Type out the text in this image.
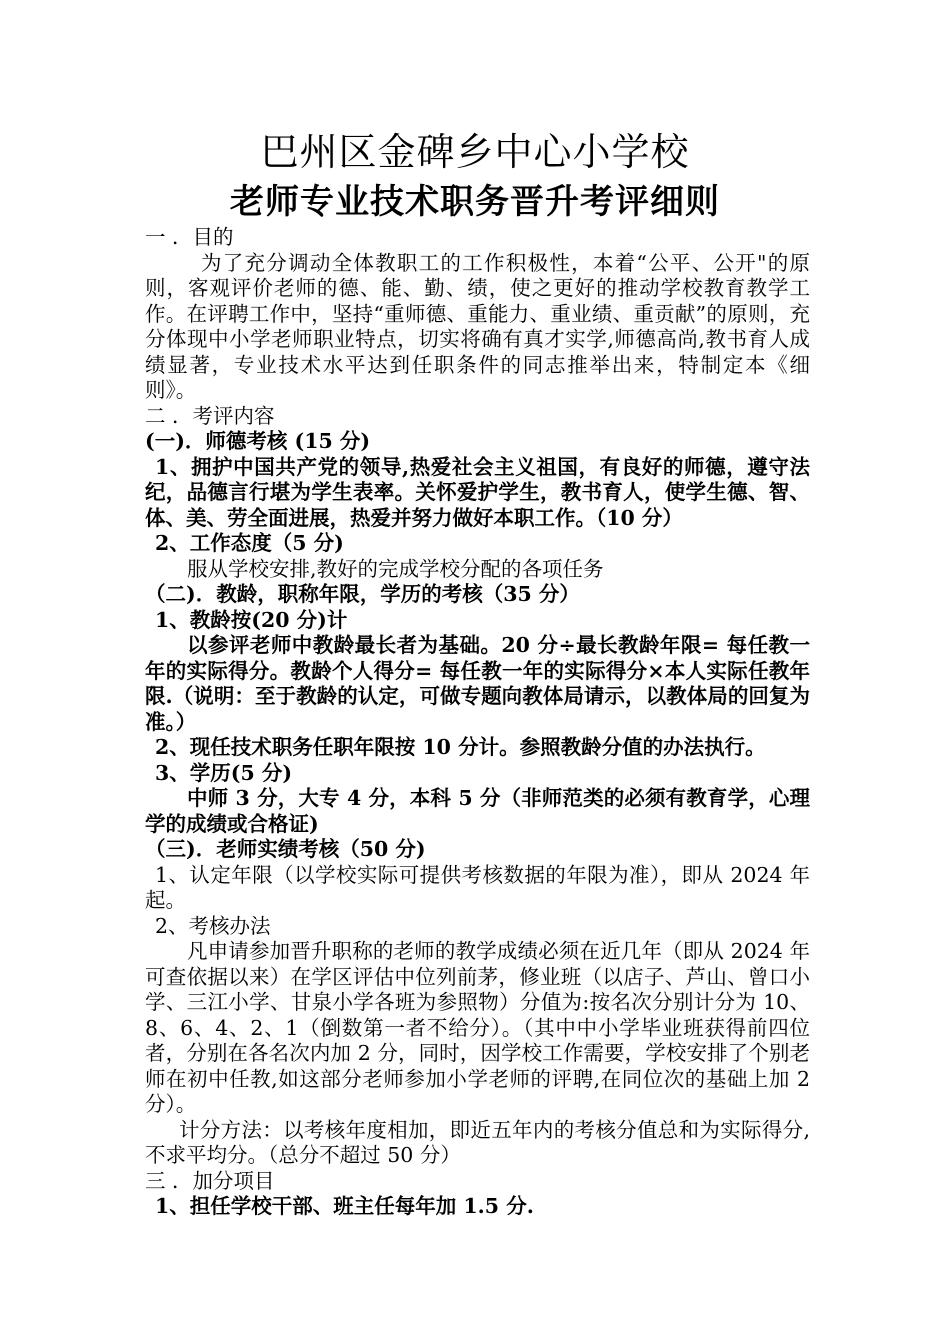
巴州区金碑乡中心小学校
老师专业技术职务晋升考评细则

一 ．目的

为了充分调动全体教职工的工作积极性，本着“公平、公开"的原则，客观评价老师的德、能、勤、绩，使之更好的推动学校教育教学工作。在评聘工作中，坚持“重师德、重能力、重业绩、重贡献”的原则，充分体现中小学老师职业特点，切实将确有真才实学,师德高尚,教书育人成绩显著，专业技术水平达到任职条件的同志推举出来，特制定本《细则》。

二 ．考评内容

(一)．师德考核 (15 分)

1、拥护中国共产党的领导,热爱社会主义祖国，有良好的师德，遵守法纪，品德言行堪为学生表率。关怀爱护学生，教书育人，使学生德、智、体、美、劳全面进展，热爱并努力做好本职工作。（10 分）

2、工作态度（5 分)

服从学校安排,教好的完成学校分配的各项任务

（二)．教龄，职称年限，学历的考核（35 分）

1、教龄按(20 分)计

以参评老师中教龄最长者为基础。20 分÷最长教龄年限= 每任教一年的实际得分。教龄个人得分= 每任教一年的实际得分×本人实际任教年限.（说明：至于教龄的认定，可做专题向教体局请示，以教体局的回复为准。）

2、现任技术职务任职年限按 10 分计。参照教龄分值的办法执行。

3、学历(5 分)

中师 3 分，大专 4 分，本科 5 分（非师范类的必须有教育学，心理学的成绩或合格证)

（三)．老师实绩考核（50 分)

1、认定年限（以学校实际可提供考核数据的年限为准），即从 2024 年起。

2、考核办法

凡申请参加晋升职称的老师的教学成绩必须在近几年（即从 2024 年可查依据以来）在学区评估中位列前茅，修业班（以店子、芦山、曾口小学、三江小学、甘泉小学各班为参照物）分值为:按名次分别计分为 10、8、6、4、2、1（倒数第一者不给分）。（其中中小学毕业班获得前四位者，分别在各名次内加 2 分，同时，因学校工作需要，学校安排了个别老师在初中任教,如这部分老师参加小学老师的评聘,在同位次的基础上加 2 分）。

计分方法：以考核年度相加，即近五年内的考核分值总和为实际得分,不求平均分。（总分不超过 50 分）

三 ．加分项目

1、担任学校干部、班主任每年加 1.5 分.
